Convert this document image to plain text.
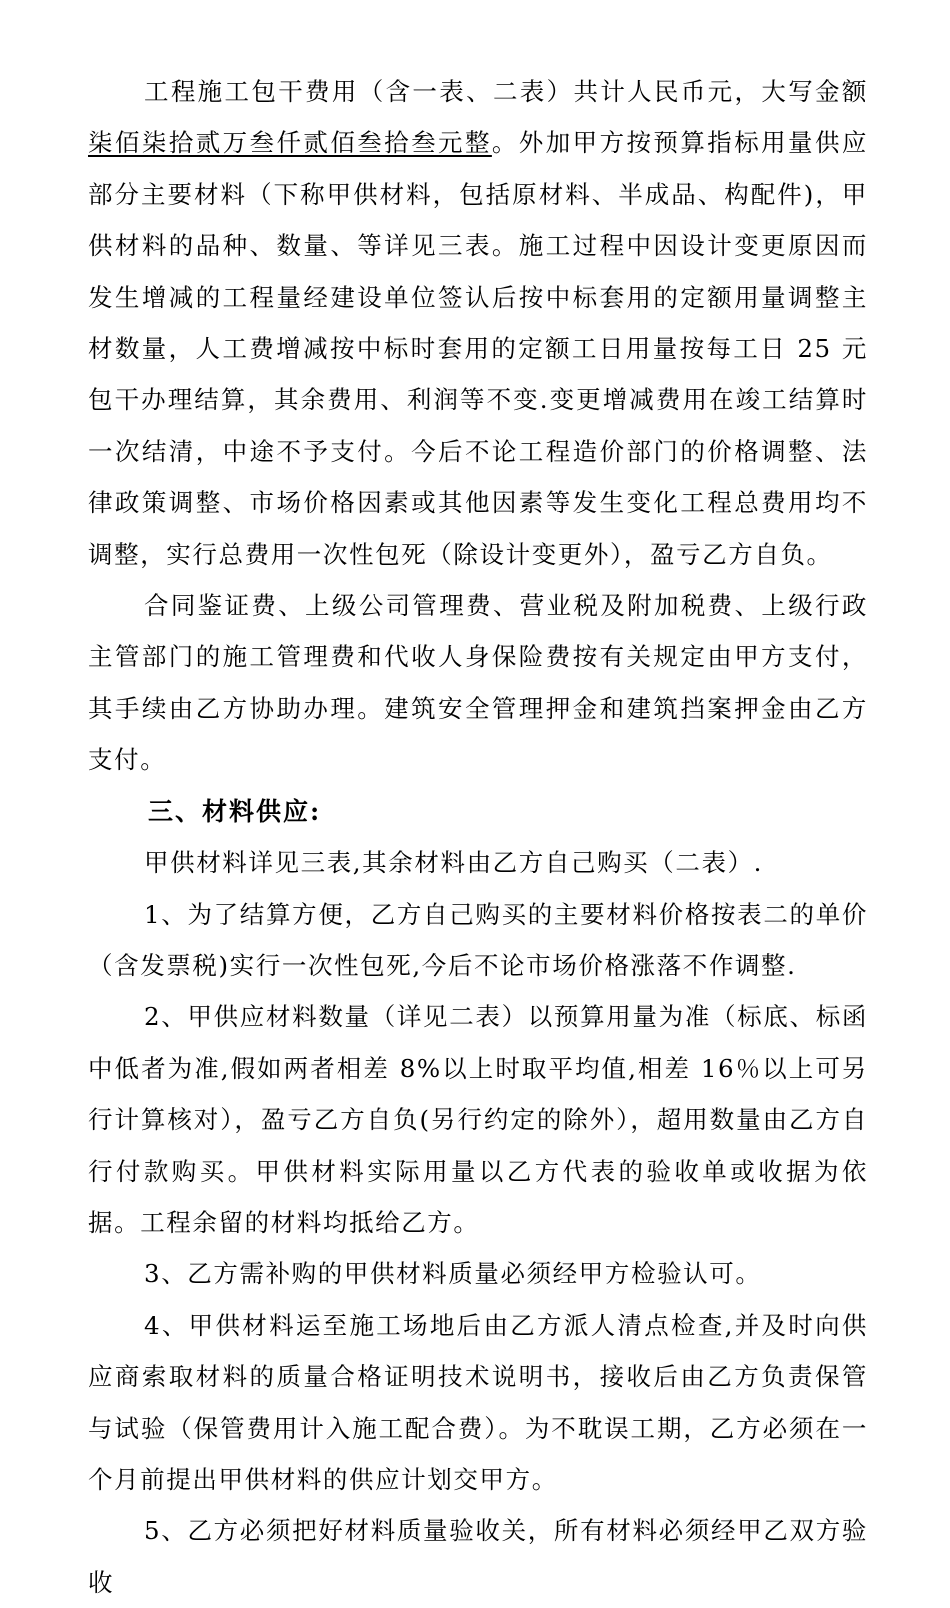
工程施工包干费用（含一表、二表）共计人民币元，大写金额柒佰柒拾贰万叁仟贰佰叁拾叁元整。外加甲方按预算指标用量供应部分主要材料（下称甲供材料，包括原材料、半成品、构配件)，甲供材料的品种、数量、等详见三表。施工过程中因设计变更原因而发生增减的工程量经建设单位签认后按中标套用的定额用量调整主材数量，人工费增减按中标时套用的定额工日用量按每工日 25 元包干办理结算，其余费用、利润等不变.变更增减费用在竣工结算时一次结清，中途不予支付。今后不论工程造价部门的价格调整、法律政策调整、市场价格因素或其他因素等发生变化工程总费用均不调整，实行总费用一次性包死（除设计变更外），盈亏乙方自负。

合同鉴证费、上级公司管理费、营业税及附加税费、上级行政主管部门的施工管理费和代收人身保险费按有关规定由甲方支付，其手续由乙方协助办理。建筑安全管理押金和建筑挡案押金由乙方支付。

三、材料供应:

甲供材料详见三表,其余材料由乙方自己购买（二表）.

1、为了结算方便，乙方自己购买的主要材料价格按表二的单价（含发票税)实行一次性包死,今后不论市场价格涨落不作调整.

2、甲供应材料数量（详见二表）以预算用量为准（标底、标函中低者为准,假如两者相差 8%以上时取平均值,相差 16％以上可另行计算核对），盈亏乙方自负(另行约定的除外），超用数量由乙方自行付款购买。甲供材料实际用量以乙方代表的验收单或收据为依据。工程余留的材料均抵给乙方。

3、乙方需补购的甲供材料质量必须经甲方检验认可。

4、甲供材料运至施工场地后由乙方派人清点检查,并及时向供应商索取材料的质量合格证明技术说明书，接收后由乙方负责保管与试验（保管费用计入施工配合费）。为不耽误工期，乙方必须在一个月前提出甲供材料的供应计划交甲方。

5、乙方必须把好材料质量验收关，所有材料必须经甲乙双方验收
